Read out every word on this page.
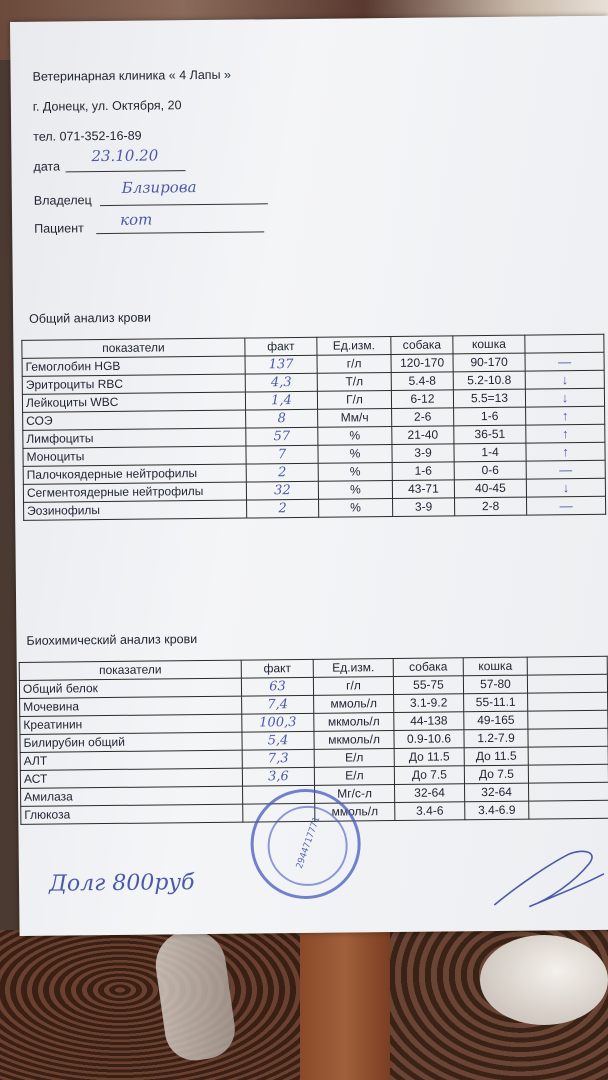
Ветеринарная клиника « 4 Лапы »
г. Донецк, ул. Октября, 20
тел. 071-352-16-89
дата
23.10.20
Владелец
Блзирова
Пациент кот
Общий анализ крови
показатели	факт	Ед.изм.	собака	кошка	
Гемоглобин HGB	137	г/л	120-170	90-170	—
Эритроциты RBC	4,3	Т/л	5.4-8	5.2-10.8	↓
Лейкоциты WBC	1,4	Г/л	6-12	5.5=13	↓
СОЭ	8	Мм/ч	2-6	1-6	↑
Лимфоциты	57	%	21-40	36-51	↑
Моноциты	7	%	3-9	1-4	↑
Палочкоядерные нейтрофилы	2	%	1-6	0-6	—
Сегментоядерные нейтрофилы	32	%	43-71	40-45	↓
Эозинофилы	2	%	3-9	2-8	—
Биохимический анализ крови
показатели	факт	Ед.изм.	собака	кошка	
Общий белок	63	г/л	55-75	57-80	
Мочевина	7,4	ммоль/л	3.1-9.2	55-11.1	
Креатинин	100,3	мкмоль/л	44-138	49-165	
Билирубин общий	5,4	мкмоль/л	0.9-10.6	1.2-7.9	
АЛТ	7,3	Е/л	До 11.5	До 11.5	
АСТ	3,6	Е/л	До 7.5	До 7.5	
Амилаза		Мг/с-л	32-64	32-64	
Глюкоза		ммоль/л	3.4-6	3.4-6.9	
Долг 800руб
2944717771
